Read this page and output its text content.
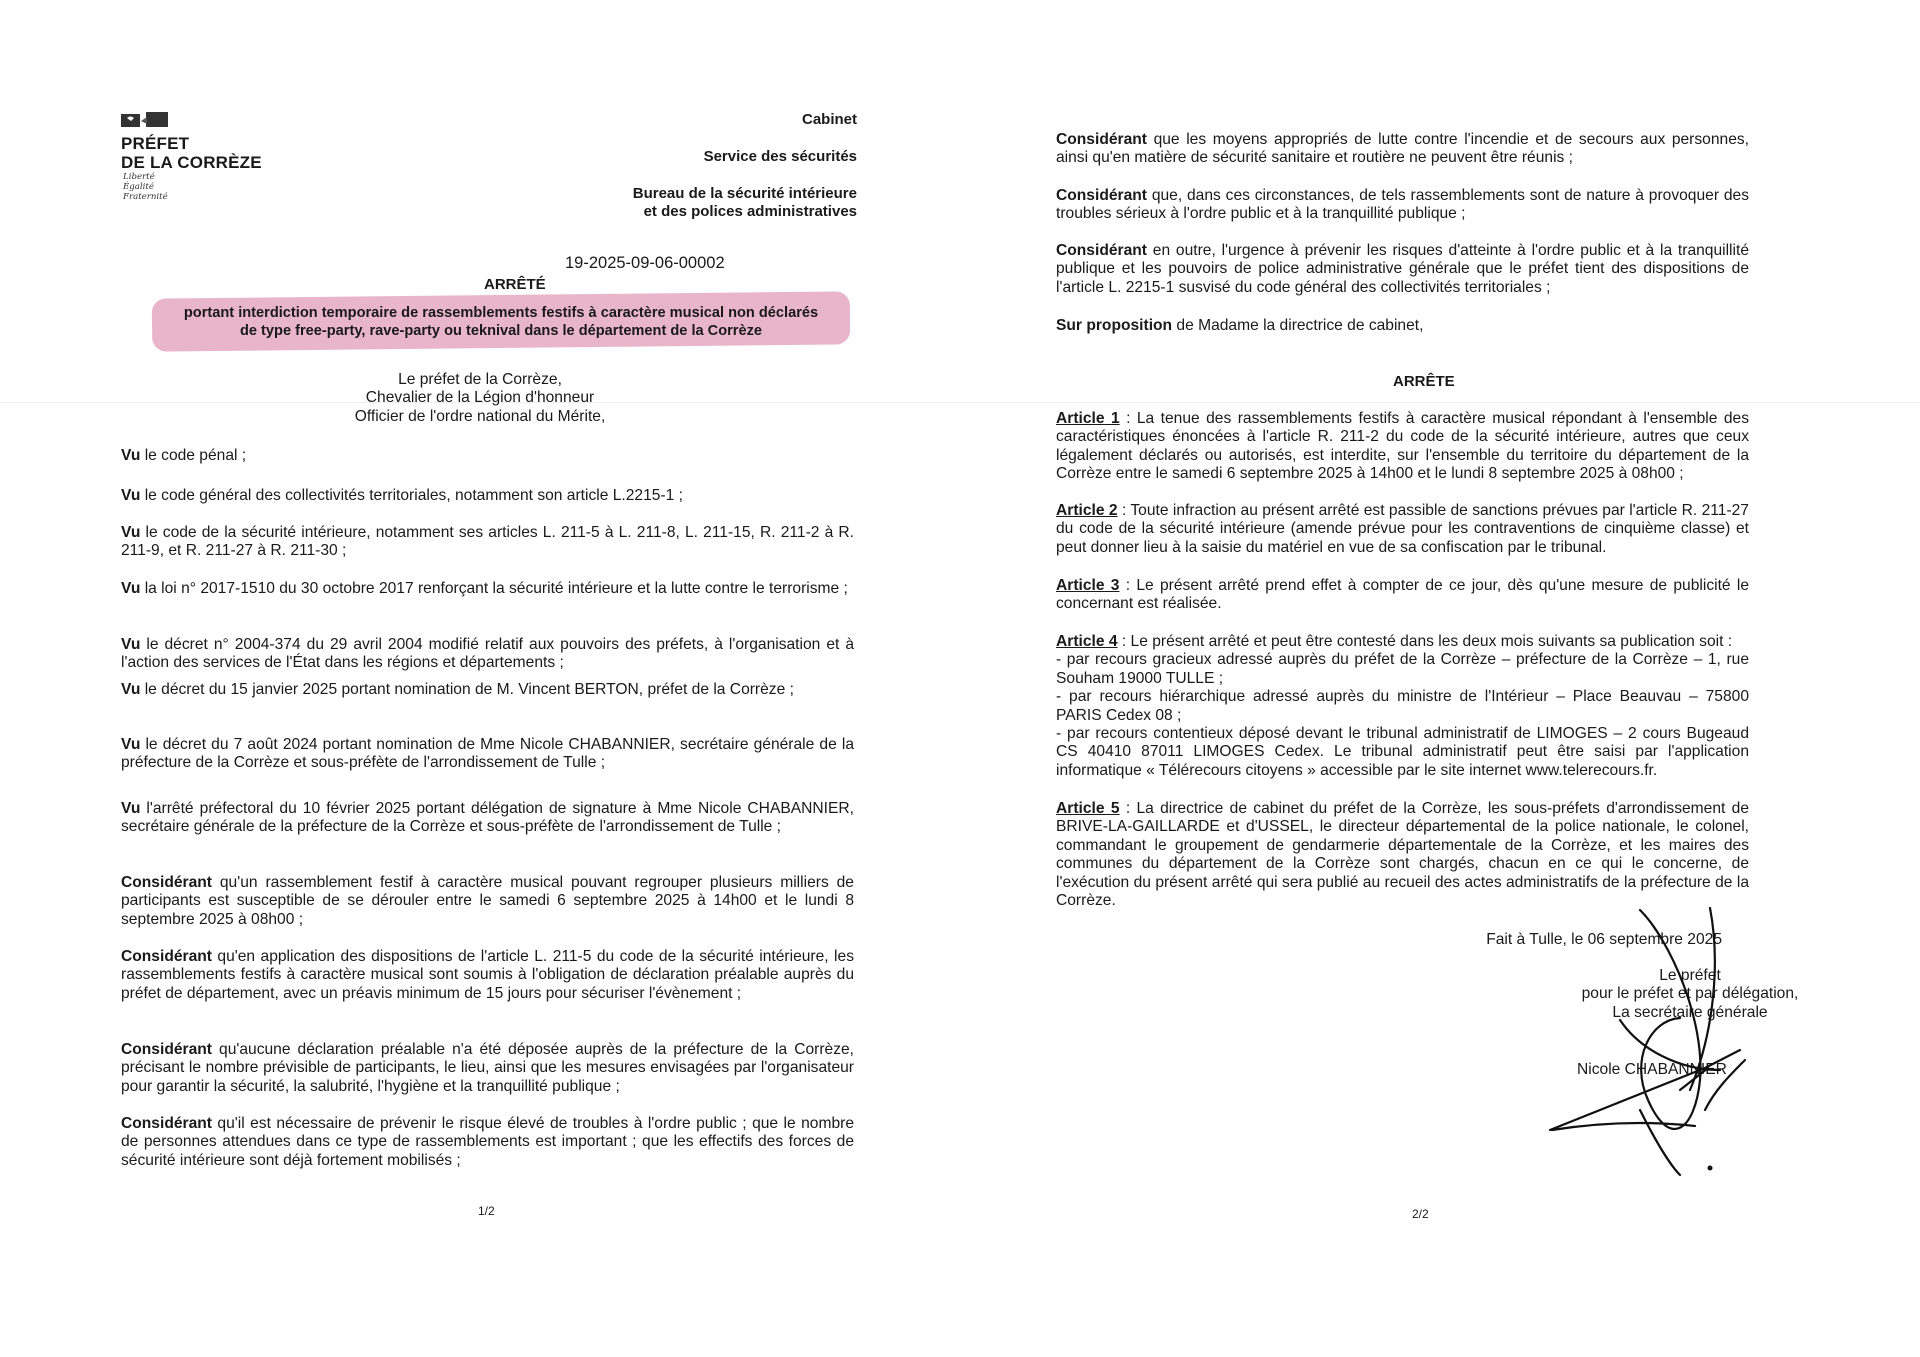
PRÉFET
DE LA CORRÈZE
Liberté
Égalité
Fraternité
Cabinet
Service des sécurités
Bureau de la sécurité intérieure
et des polices administratives
19-2025-09-06-00002
ARRÊTÉ
portant interdiction temporaire de rassemblements festifs à caractère musical non déclarés
de type free-party, rave-party ou teknival dans le département de la Corrèze
Le préfet de la Corrèze,
Chevalier de la Légion d'honneur
Officier de l'ordre national du Mérite,
Vu le code pénal ;
Vu le code général des collectivités territoriales, notamment son article L.2215-1 ;
Vu le code de la sécurité intérieure, notamment ses articles L. 211-5 à L. 211-8, L. 211-15, R. 211-2 à R. 211-9, et R. 211-27 à R. 211-30 ;
Vu la loi n° 2017-1510 du 30 octobre 2017 renforçant la sécurité intérieure et la lutte contre le terrorisme ;
Vu le décret n° 2004-374 du 29 avril 2004 modifié relatif aux pouvoirs des préfets, à l'organisation et à l'action des services de l'État dans les régions et départements ;
Vu le décret du 15 janvier 2025 portant nomination de M. Vincent BERTON, préfet de la Corrèze ;
Vu le décret du 7 août 2024 portant nomination de Mme Nicole CHABANNIER, secrétaire générale de la préfecture de la Corrèze et sous-préfète de l'arrondissement de Tulle ;
Vu l'arrêté préfectoral du 10 février 2025 portant délégation de signature à Mme Nicole CHABANNIER, secrétaire générale de la préfecture de la Corrèze et sous-préfète de l'arrondissement de Tulle ;
Considérant qu'un rassemblement festif à caractère musical pouvant regrouper plusieurs milliers de participants est susceptible de se dérouler entre le samedi 6 septembre 2025 à 14h00 et le lundi 8 septembre 2025 à 08h00 ;
Considérant qu'en application des dispositions de l'article L. 211-5 du code de la sécurité intérieure, les rassemblements festifs à caractère musical sont soumis à l'obligation de déclaration préalable auprès du préfet de département, avec un préavis minimum de 15 jours pour sécuriser l'évènement ;
Considérant qu'aucune déclaration préalable n'a été déposée auprès de la préfecture de la Corrèze, précisant le nombre prévisible de participants, le lieu, ainsi que les mesures envisagées par l'organisateur pour garantir la sécurité, la salubrité, l'hygiène et la tranquillité publique ;
Considérant qu'il est nécessaire de prévenir le risque élevé de troubles à l'ordre public ; que le nombre de personnes attendues dans ce type de rassemblements est important ; que les effectifs des forces de sécurité intérieure sont déjà fortement mobilisés ;
1/2
Considérant que les moyens appropriés de lutte contre l'incendie et de secours aux personnes, ainsi qu'en matière de sécurité sanitaire et routière ne peuvent être réunis ;
Considérant que, dans ces circonstances, de tels rassemblements sont de nature à provoquer des troubles sérieux à l'ordre public et à la tranquillité publique ;
Considérant en outre, l'urgence à prévenir les risques d'atteinte à l'ordre public et à la tranquillité publique et les pouvoirs de police administrative générale que le préfet tient des dispositions de l'article L. 2215-1 susvisé du code général des collectivités territoriales ;
Sur proposition de Madame la directrice de cabinet,
ARRÊTE
Article 1 : La tenue des rassemblements festifs à caractère musical répondant à l'ensemble des caractéristiques énoncées à l'article R. 211-2 du code de la sécurité intérieure, autres que ceux légalement déclarés ou autorisés, est interdite, sur l'ensemble du territoire du département de la Corrèze entre le samedi 6 septembre 2025 à 14h00 et le lundi 8 septembre 2025 à 08h00 ;
Article 2 : Toute infraction au présent arrêté est passible de sanctions prévues par l'article R. 211-27 du code de la sécurité intérieure (amende prévue pour les contraventions de cinquième classe) et peut donner lieu à la saisie du matériel en vue de sa confiscation par le tribunal.
Article 3 : Le présent arrêté prend effet à compter de ce jour, dès qu'une mesure de publicité le concernant est réalisée.
Article 4 : Le présent arrêté et peut être contesté dans les deux mois suivants sa publication soit :
- par recours gracieux adressé auprès du préfet de la Corrèze – préfecture de la Corrèze – 1, rue Souham 19000 TULLE ;
- par recours hiérarchique adressé auprès du ministre de l'Intérieur – Place Beauvau – 75800 PARIS Cedex 08 ;
- par recours contentieux déposé devant le tribunal administratif de LIMOGES – 2 cours Bugeaud CS 40410 87011 LIMOGES Cedex. Le tribunal administratif peut être saisi par l'application informatique « Télérecours citoyens » accessible par le site internet www.telerecours.fr.
Article 5 : La directrice de cabinet du préfet de la Corrèze, les sous-préfets d'arrondissement de BRIVE-LA-GAILLARDE et d'USSEL, le directeur départemental de la police nationale, le colonel, commandant le groupement de gendarmerie départementale de la Corrèze, et les maires des communes du département de la Corrèze sont chargés, chacun en ce qui le concerne, de l'exécution du présent arrêté qui sera publié au recueil des actes administratifs de la préfecture de la Corrèze.
Fait à Tulle, le 06 septembre 2025
Le préfet
pour le préfet et par délégation,
La secrétaire générale
Nicole CHABANNIER
2/2
